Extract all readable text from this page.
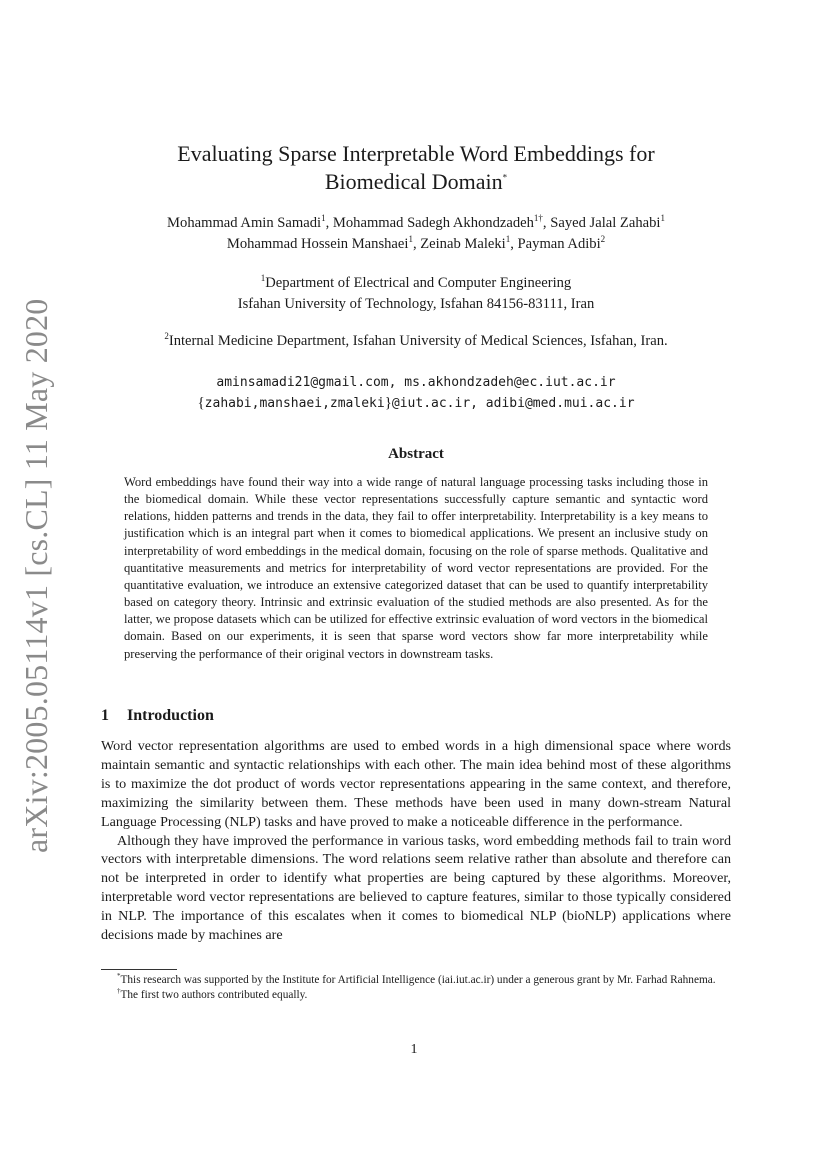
arXiv:2005.05114v1 [cs.CL] 11 May 2020
Evaluating Sparse Interpretable Word Embeddings for
Biomedical Domain*
Mohammad Amin Samadi$^1$, Mohammad Sadegh Akhondzadeh$^{1\dagger}$, Sayed Jalal Zahabi$^1$
Mohammad Hossein Manshaei$^1$, Zeinab Maleki$^1$, Payman Adibi$^2$
$^1$Department of Electrical and Computer Engineering
Isfahan University of Technology, Isfahan 84156-83111, Iran
$^2$Internal Medicine Department, Isfahan University of Medical Sciences, Isfahan, Iran.
aminsamadi21@gmail.com, ms.akhondzadeh@ec.iut.ac.ir
{zahabi,manshaei,zmaleki}@iut.ac.ir, adibi@med.mui.ac.ir
Abstract
Word embeddings have found their way into a wide range of natural language processing tasks including those in the biomedical domain. While these vector representations successfully capture semantic and syntactic word relations, hidden patterns and trends in the data, they fail to offer interpretability. Interpretability is a key means to justification which is an integral part when it comes to biomedical applications. We present an inclusive study on interpretability of word embeddings in the medical domain, focusing on the role of sparse methods. Qualitative and quantitative measurements and metrics for interpretability of word vector representations are provided. For the quantitative evaluation, we introduce an extensive categorized dataset that can be used to quantify interpretability based on category theory. Intrinsic and extrinsic evaluation of the studied methods are also presented. As for the latter, we propose datasets which can be utilized for effective extrinsic evaluation of word vectors in the biomedical domain. Based on our experiments, it is seen that sparse word vectors show far more interpretability while preserving the performance of their original vectors in downstream tasks.
1 Introduction

Word vector representation algorithms are used to embed words in a high dimensional space where words maintain semantic and syntactic relationships with each other. The main idea behind most of these algorithms is to maximize the dot product of words vector representations appearing in the same context, and therefore, maximizing the similarity between them. These methods have been used in many down-stream Natural Language Processing (NLP) tasks and have proved to make a noticeable difference in the performance.

Although they have improved the performance in various tasks, word embedding methods fail to train word vectors with interpretable dimensions. The word relations seem relative rather than absolute and therefore can not be interpreted in order to identify what properties are being captured by these algorithms. Moreover, interpretable word vector representations are believed to capture features, similar to those typically considered in NLP. The importance of this escalates when it comes to biomedical NLP (bioNLP) applications where decisions made by machines are

*This research was supported by the Institute for Artificial Intelligence (iai.iut.ac.ir) under a generous grant by Mr. Farhad Rahnema.

†The first two authors contributed equally.

1
